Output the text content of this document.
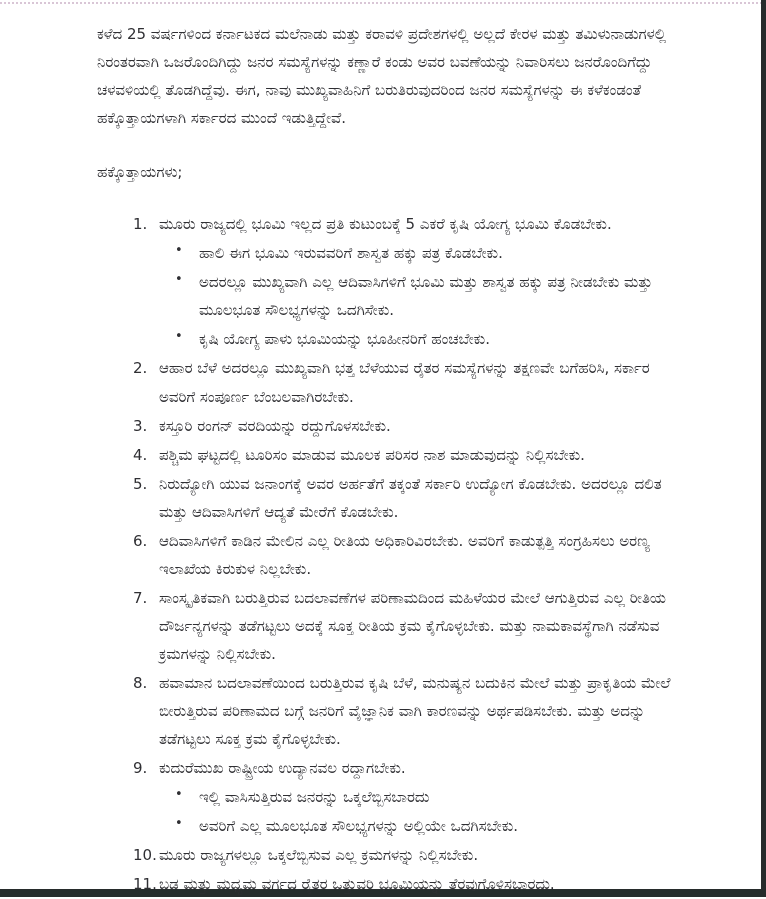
ಕಳೆದ 25 ವರ್ಷಗಳಿಂದ ಕರ್ನಾಟಕದ ಮಲೆನಾಡು ಮತ್ತು ಕರಾವಳಿ ಪ್ರದೇಶಗಳಲ್ಲಿ ಅಲ್ಲದೆ ಕೇರಳ ಮತ್ತು ತಮಿಳುನಾಡುಗಳಲ್ಲಿ ನಿರಂತರವಾಗಿ ಒಜರೊಂದಿಗಿದ್ದು ಜನರ ಸಮಸ್ಯೆಗಳನ್ನು ಕಣ್ಣಾರೆ ಕಂಡು ಅವರ ಬವಣೆಯನ್ನು ನಿವಾರಿಸಲು ಜನರೊಂದಿಗೆದ್ದು ಚಳವಳಿಯಲ್ಲಿ ತೊಡಗಿದ್ದೆವು. ಈಗ, ನಾವು ಮುಖ್ಯವಾಹಿನಿಗೆ ಬರುತಿರುವುದರಿಂದ ಜನರ ಸಮಸ್ಯೆಗಳನ್ನು ಈ ಕಳೆಕಂಡಂತೆ ಹಕ್ಕೊತ್ತಾಯಗಳಾಗಿ ಸರ್ಕಾರದ ಮುಂದೆ ಇಡುತ್ತಿದ್ದೇವೆ.

ಹಕ್ಕೊತ್ತಾಯಗಳು;

1. ಮೂರು ರಾಜ್ಯದಲ್ಲಿ ಭೂಮಿ ಇಲ್ಲದ ಪ್ರತಿ ಕುಟುಂಬಕ್ಕೆ 5 ಎಕರೆ ಕೃಷಿ ಯೋಗ್ಯ ಭೂಮಿ ಕೊಡಬೇಕು.
•	ಹಾಲಿ ಈಗ ಭೂಮಿ ಇರುವವರಿಗೆ ಶಾಸ್ವತ ಹಕ್ಕು ಪತ್ರ ಕೊಡಬೇಕು.
•	ಅದರಲ್ಲೂ ಮುಖ್ಯವಾಗಿ ಎಲ್ಲ ಆದಿವಾಸಿಗಳಿಗೆ ಭೂಮಿ ಮತ್ತು ಶಾಸ್ವತ ಹಕ್ಕು ಪತ್ರ ನೀಡಬೇಕು ಮತ್ತು ಮೂಲಭೂತ ಸೌಲಭ್ಯಗಳನ್ನು ಒದಗಿಸೇಕು.
•	ಕೃಷಿ ಯೋಗ್ಯ ಪಾಳು ಭೂಮಿಯನ್ನು ಭೂಹೀನರಿಗೆ ಹಂಚಬೇಕು.
2. ಆಹಾರ ಬೆಳೆ ಅದರಲ್ಲೂ ಮುಖ್ಯವಾಗಿ ಭತ್ತ ಬೆಳೆಯುವ ರೈತರ ಸಮಸ್ಯೆಗಳನ್ನು ತಕ್ಷಣವೇ ಬಗೆಹರಿಸಿ, ಸರ್ಕಾರ ಅವರಿಗೆ ಸಂಪೂರ್ಣ ಬೆಂಬಲವಾಗಿರಬೇಕು.
3. ಕಸ್ತೂರಿ ರಂಗನ್ ವರದಿಯನ್ನು ರದ್ದುಗೊಳಸಬೇಕು.
4. ಪಶ್ಚಿಮ ಘಟ್ಟದಲ್ಲಿ ಟೂರಿಸಂ ಮಾಡುವ ಮೂಲಕ ಪರಿಸರ ನಾಶ ಮಾಡುವುದನ್ನು ನಿಲ್ಲಿಸಬೇಕು.
5. ನಿರುದ್ಯೋಗಿ ಯುವ ಜನಾಂಗಕ್ಕೆ ಅವರ ಅರ್ಹತೆಗೆ ತಕ್ಕಂತೆ ಸರ್ಕಾರಿ ಉದ್ಯೋಗ ಕೊಡಬೇಕು. ಅದರಲ್ಲೂ ದಲಿತ ಮತ್ತು ಆದಿವಾಸಿಗಳಿಗೆ ಆದ್ಯತೆ ಮೇರೆಗೆ ಕೊಡಬೇಕು.
6. ಆದಿವಾಸಿಗಳಿಗೆ ಕಾಡಿನ ಮೇಲಿನ ಎಲ್ಲ ರೀತಿಯ ಅಧಿಕಾರಿವಿರಬೇಕು. ಅವರಿಗೆ ಕಾಡುತ್ಪತ್ತಿ ಸಂಗ್ರಹಿಸಲು ಅರಣ್ಯ ಇಲಾಖೆಯ ಕಿರುಕುಳ ನಿಲ್ಲಬೇಕು.
7. ಸಾಂಸ್ಕೃತಿಕವಾಗಿ ಬರುತ್ತಿರುವ ಬದಲಾವಣೆಗಳ ಪರಿಣಾಮದಿಂದ ಮಹಿಳೆಯರ ಮೇಲೆ ಆಗುತ್ತಿರುವ ಎಲ್ಲ ರೀತಿಯ ದೌರ್ಜನ್ಯಗಳನ್ನು ತಡೆಗಟ್ಟಲು ಅದಕ್ಕೆ ಸೂಕ್ತ ರೀತಿಯ ಕ್ರಮ ಕೈಗೊಳ್ಳಬೇಕು. ಮತ್ತು ನಾಮಕಾವಸ್ಥೆಗಾಗಿ ನಡೆಸುವ ಕ್ರಮಗಳನ್ನು ನಿಲ್ಲಿಸಬೇಕು.
8. ಹವಾಮಾನ ಬದಲಾವಣೆಯಿಂದ ಬರುತ್ತಿರುವ ಕೃಷಿ ಬೆಳೆ, ಮನುಷ್ಯನ ಬದುಕಿನ ಮೇಲೆ ಮತ್ತು ಪ್ರಾಕೃತಿಯ ಮೇಲೆ ಬೀರುತ್ತಿರುವ ಪರಿಣಾಮದ ಬಗ್ಗೆ ಜನರಿಗೆ ವೈಜ್ಞಾನಿಕ ವಾಗಿ ಕಾರಣವನ್ನು ಅರ್ಥಪಡಿಸಬೇಕು. ಮತ್ತು ಅದನ್ನು ತಡೆಗಟ್ಟಲು ಸೂಕ್ತ ಕ್ರಮ ಕೈಗೊಳ್ಳಬೇಕು.
9. ಕುದುರೆಮುಖ ರಾಷ್ಟ್ರೀಯ ಉದ್ಯಾನವಲ ರದ್ದಾಗಬೇಕು.
•	ಇಲ್ಲಿ ವಾಸಿಸುತ್ತಿರುವ ಜನರನ್ನು ಒಕ್ಕಲೆಬ್ಬಿಸಬಾರದು
•	ಅವರಿಗೆ ಎಲ್ಲ ಮೂಲಭೂತ ಸೌಲಭ್ಯಗಳನ್ನು ಅಲ್ಲಿಯೇ ಒದಗಿಸಬೇಕು.
10. ಮೂರು ರಾಜ್ಯಗಳಲ್ಲೂ ಒಕ್ಕಲೆಬ್ಬಿಸುವ ಎಲ್ಲ ಕ್ರಮಗಳನ್ನು ನಿಲ್ಲಿಸಬೇಕು.
11. ಬಡ ಮತ್ತು ಮಧ್ಯಮ ವರ್ಗದ ರೈತರ ಒತ್ತುವರಿ ಭೂಮಿಯನ್ನು ತೆರವುಗೊಳಿಸಬಾರದು.
